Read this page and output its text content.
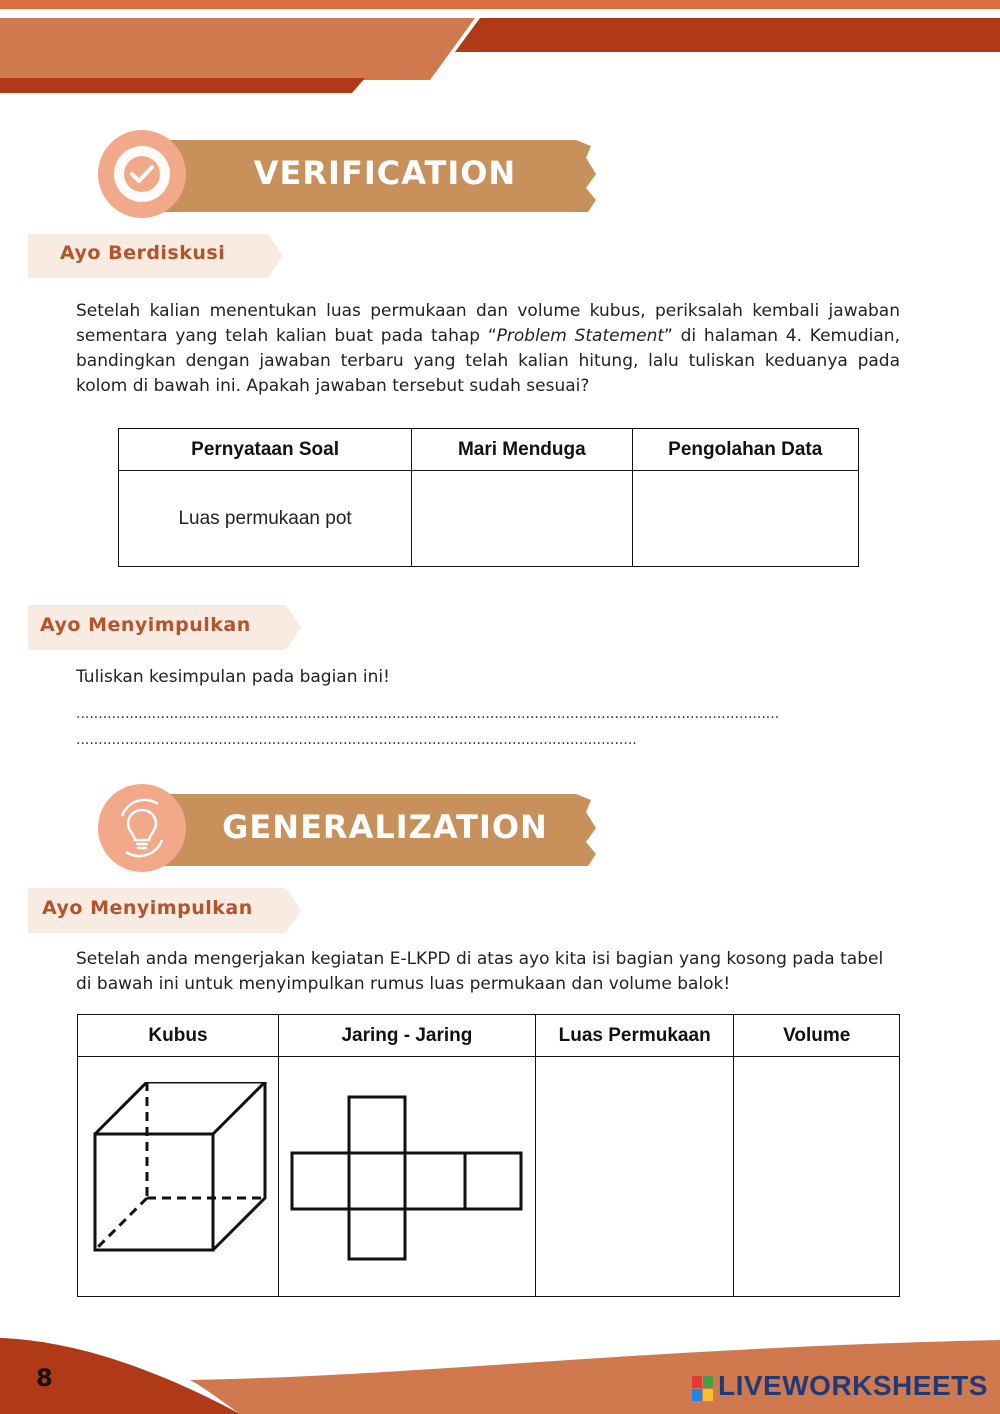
VERIFICATION
Ayo Berdiskusi
Setelah kalian menentukan luas permukaan dan volume kubus, periksalah kembali jawaban sementara yang telah kalian buat pada tahap “Problem Statement” di halaman 4. Kemudian, bandingkan dengan jawaban terbaru yang telah kalian hitung, lalu tuliskan keduanya pada kolom di bawah ini. Apakah jawaban tersebut sudah sesuai?
Pernyataan Soal	Mari Menduga	Pengolahan Data
Luas permukaan pot		
Ayo Menyimpulkan
Tuliskan kesimpulan pada bagian ini!
..............................................................................................................................................................
..............................................................................................................................
GENERALIZATION
Ayo Menyimpulkan
Setelah anda mengerjakan kegiatan E-LKPD di atas ayo kita isi bagian yang kosong pada tabel di bawah ini untuk menyimpulkan rumus luas permukaan dan volume balok!
Kubus	Jaring - Jaring	Luas Permukaan	Volume

8	LIVEWORKSHEETS
